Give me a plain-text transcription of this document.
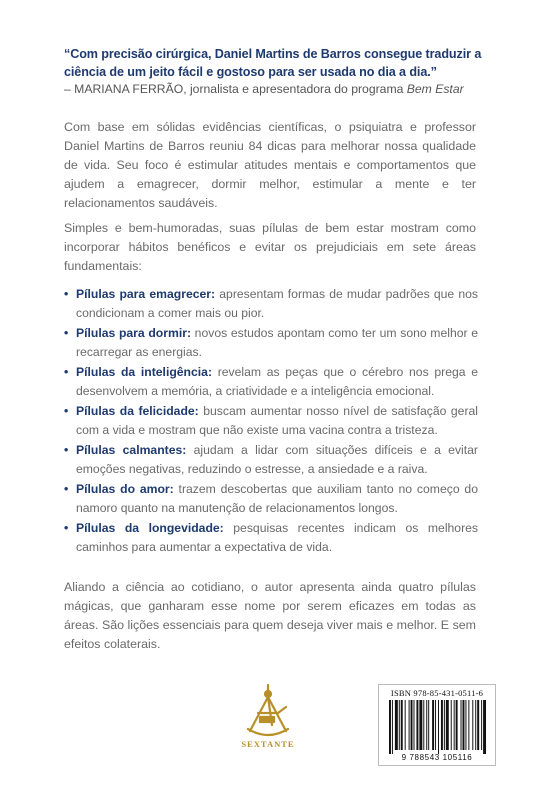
“Com precisão cirúrgica, Daniel Martins de Barros consegue traduzir a ciência de um jeito fácil e gostoso para ser usada no dia a dia.”
– MARIANA FERRÃO, jornalista e apresentadora do programa Bem Estar

Com base em sólidas evidências científicas, o psiquiatra e professor Daniel Martins de Barros reuniu 84 dicas para melhorar nossa qualidade de vida. Seu foco é estimular atitudes mentais e comportamentos que ajudem a emagrecer, dormir melhor, estimular a mente e ter relacionamentos saudáveis.

Simples e bem-humoradas, suas pílulas de bem estar mostram como incorporar hábitos benéficos e evitar os prejudiciais em sete áreas fundamentais:

• Pílulas para emagrecer: apresentam formas de mudar padrões que nos condicionam a comer mais ou pior.
• Pílulas para dormir: novos estudos apontam como ter um sono melhor e recarregar as energias.
• Pílulas da inteligência: revelam as peças que o cérebro nos prega e desenvolvem a memória, a criatividade e a inteligência emocional.
• Pílulas da felicidade: buscam aumentar nosso nível de satisfação geral com a vida e mostram que não existe uma vacina contra a tristeza.
• Pílulas calmantes: ajudam a lidar com situações difíceis e a evitar emoções negativas, reduzindo o estresse, a ansiedade e a raiva.
• Pílulas do amor: trazem descobertas que auxiliam tanto no começo do namoro quanto na manutenção de relacionamentos longos.
• Pílulas da longevidade: pesquisas recentes indicam os melhores caminhos para aumentar a expectativa de vida.

Aliando a ciência ao cotidiano, o autor apresenta ainda quatro pílulas mágicas, que ganharam esse nome por serem eficazes em todas as áreas. São lições essenciais para quem deseja viver mais e melhor. E sem efeitos colaterais.

SEXTANTE
ISBN 978-85-431-0511-6
9 788543 105116
